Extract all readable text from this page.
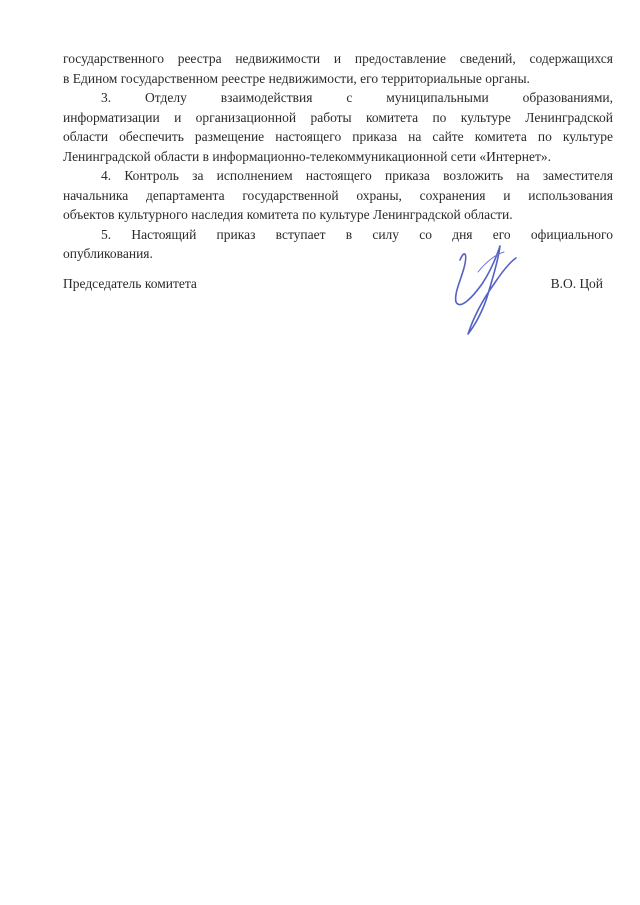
государственного реестра недвижимости и предоставление сведений, содержащихся
в Едином государственном реестре недвижимости, его территориальные органы.
3. Отделу взаимодействия с муниципальными образованиями,
информатизации и организационной работы комитета по культуре Ленинградской
области обеспечить размещение настоящего приказа на сайте комитета по культуре
Ленинградской области в информационно-телекоммуникационной сети «Интернет».
4. Контроль за исполнением настоящего приказа возложить на заместителя
начальника департамента государственной охраны, сохранения и использования
объектов культурного наследия комитета по культуре Ленинградской области.
5. Настоящий приказ вступает в силу со дня его официального
опубликования.
Председатель комитета	В.О. Цой
